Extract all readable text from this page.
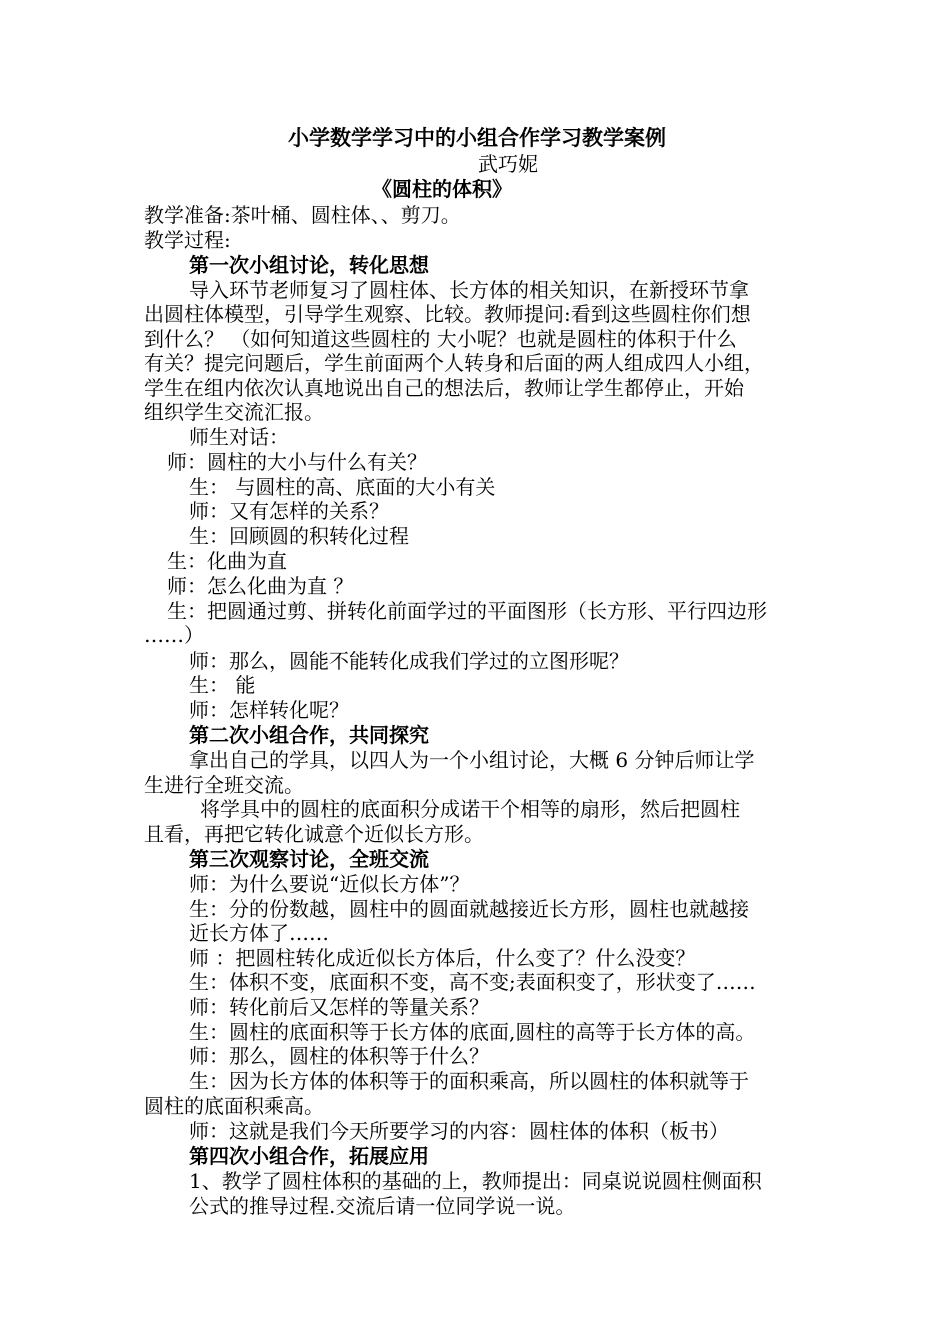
小学数学学习中的小组合作学习教学案例
武巧妮
《圆柱的体积》
教学准备:茶叶桶、圆柱体、、剪刀。
教学过程:
第一次小组讨论，转化思想
导入环节老师复习了圆柱体、长方体的相关知识，在新授环节拿
出圆柱体模型，引导学生观察、比较。教师提问:看到这些圆柱你们想
到什么？ （如何知道这些圆柱的 大小呢？也就是圆柱的体积于什么
有关？提完问题后，学生前面两个人转身和后面的两人组成四人小组，
学生在组内依次认真地说出自己的想法后，教师让学生都停止，开始
组织学生交流汇报。
师生对话：
师：圆柱的大小与什么有关？
生： 与圆柱的高、底面的大小有关
师：又有怎样的关系？
生：回顾圆的积转化过程
生：化曲为直
师：怎么化曲为直 ？
生：把圆通过剪、拼转化前面学过的平面图形（长方形、平行四边形
……）
师：那么，圆能不能转化成我们学过的立图形呢？
生： 能
师：怎样转化呢？
第二次小组合作，共同探究
拿出自己的学具，以四人为一个小组讨论，大概 6 分钟后师让学
生进行全班交流。
将学具中的圆柱的底面积分成诺干个相等的扇形，然后把圆柱
且看，再把它转化诚意个近似长方形。
第三次观察讨论，全班交流
师：为什么要说“近似长方体”？
生：分的份数越，圆柱中的圆面就越接近长方形，圆柱也就越接
近长方体了……
师 ：把圆柱转化成近似长方体后，什么变了？什么没变？
生：体积不变，底面积不变，高不变;表面积变了，形状变了……
师：转化前后又怎样的等量关系？
生：圆柱的底面积等于长方体的底面,圆柱的高等于长方体的高。
师：那么，圆柱的体积等于什么？
生：因为长方体的体积等于的面积乘高，所以圆柱的体积就等于
圆柱的底面积乘高。
师：这就是我们今天所要学习的内容：圆柱体的体积（板书）
第四次小组合作，拓展应用
1、教学了圆柱体积的基础的上，教师提出：同桌说说圆柱侧面积
公式的推导过程.交流后请一位同学说一说。
